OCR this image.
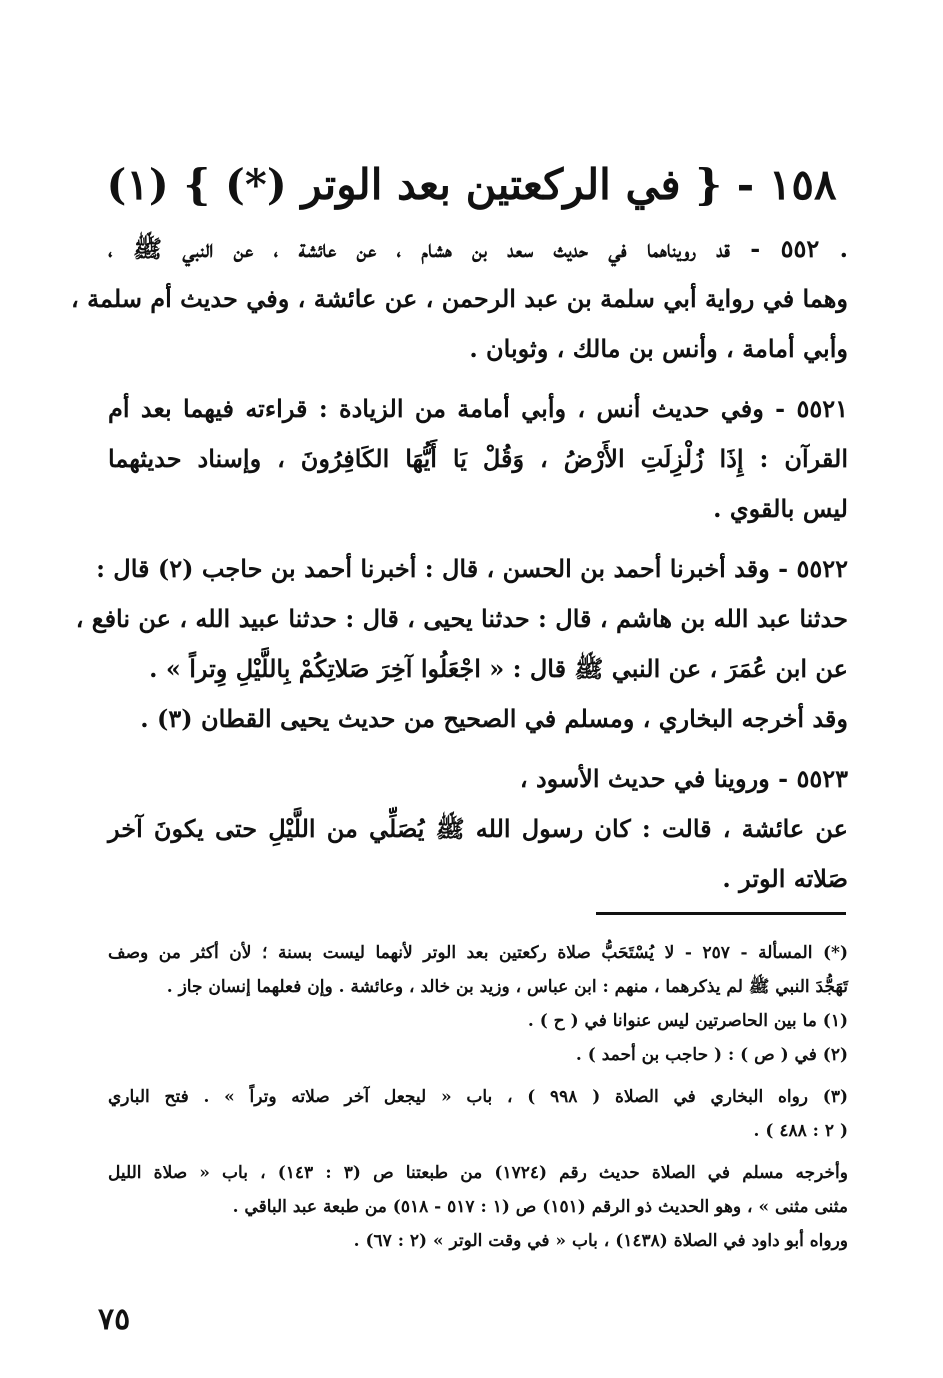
١٥٨ - { في الركعتين بعد الوتر (*) } (١)
. ٥٥٢ - قد رويناهما في حديث سعد بن هشام ، عن عائشة ، عن النبي ﷺ ،
وهما في رواية أبي سلمة بن عبد الرحمن ، عن عائشة ، وفي حديث أم سلمة ،
وأبي أمامة ، وأنس بن مالك ، وثوبان .
٥٥٢١ - وفي حديث أنس ، وأبي أمامة من الزيادة : قراءته فيهما بعد أم
القرآن : إِذَا زُلْزِلَتِ الأَرْضُ ، وَقُلْ يَا أَيُّهَا الكَافِرُونَ ، وإسناد حديثهما
ليس بالقوي .
٥٥٢٢ - وقد أخبرنا أحمد بن الحسن ، قال : أخبرنا أحمد بن حاجب (٢) قال :
حدثنا عبد الله بن هاشم ، قال : حدثنا يحيى ، قال : حدثنا عبيد الله ، عن نافع ،
عن ابن عُمَرَ ، عن النبي ﷺ قال : « اجْعَلُوا آخِرَ صَلاتِكُمْ بِاللَّيْلِ وِتراً » .
وقد أخرجه البخاري ، ومسلم في الصحيح من حديث يحيى القطان (٣) .
٥٥٢٣ - وروينا في حديث الأسود ،
عن عائشة ، قالت : كان رسول الله ﷺ يُصَلِّي من اللَّيْلِ حتى يكونَ آخر
صَلاته الوتر .
(*) المسألة - ٢٥٧ - لا يُسْتَحَبُّ صلاة ركعتين بعد الوتر لأنهما ليست بسنة ؛ لأن أكثر من وصف
تَهَجُّدَ النبي ﷺ لم يذكرهما ، منهم : ابن عباس ، وزيد بن خالد ، وعائشة . وإن فعلهما إنسان جاز .
(١) ما بين الحاصرتين ليس عنوانا في ( ح ) .
(٢) في ( ص ) : ( حاجب بن أحمد ) .
(٣) رواه البخاري في الصلاة ( ٩٩٨ ) ، باب « ليجعل آخر صلاته وتراً » . فتح الباري
( ٢ : ٤٨٨ ) .
وأخرجه مسلم في الصلاة حديث رقم (١٧٢٤) من طبعتنا ص (٣ : ١٤٣) ، باب « صلاة الليل
مثنى مثنى » ، وهو الحديث ذو الرقم (١٥١) ص (١ : ٥١٧ - ٥١٨) من طبعة عبد الباقي .
ورواه أبو داود في الصلاة (١٤٣٨) ، باب « في وقت الوتر » (٢ : ٦٧) .
٧٥
